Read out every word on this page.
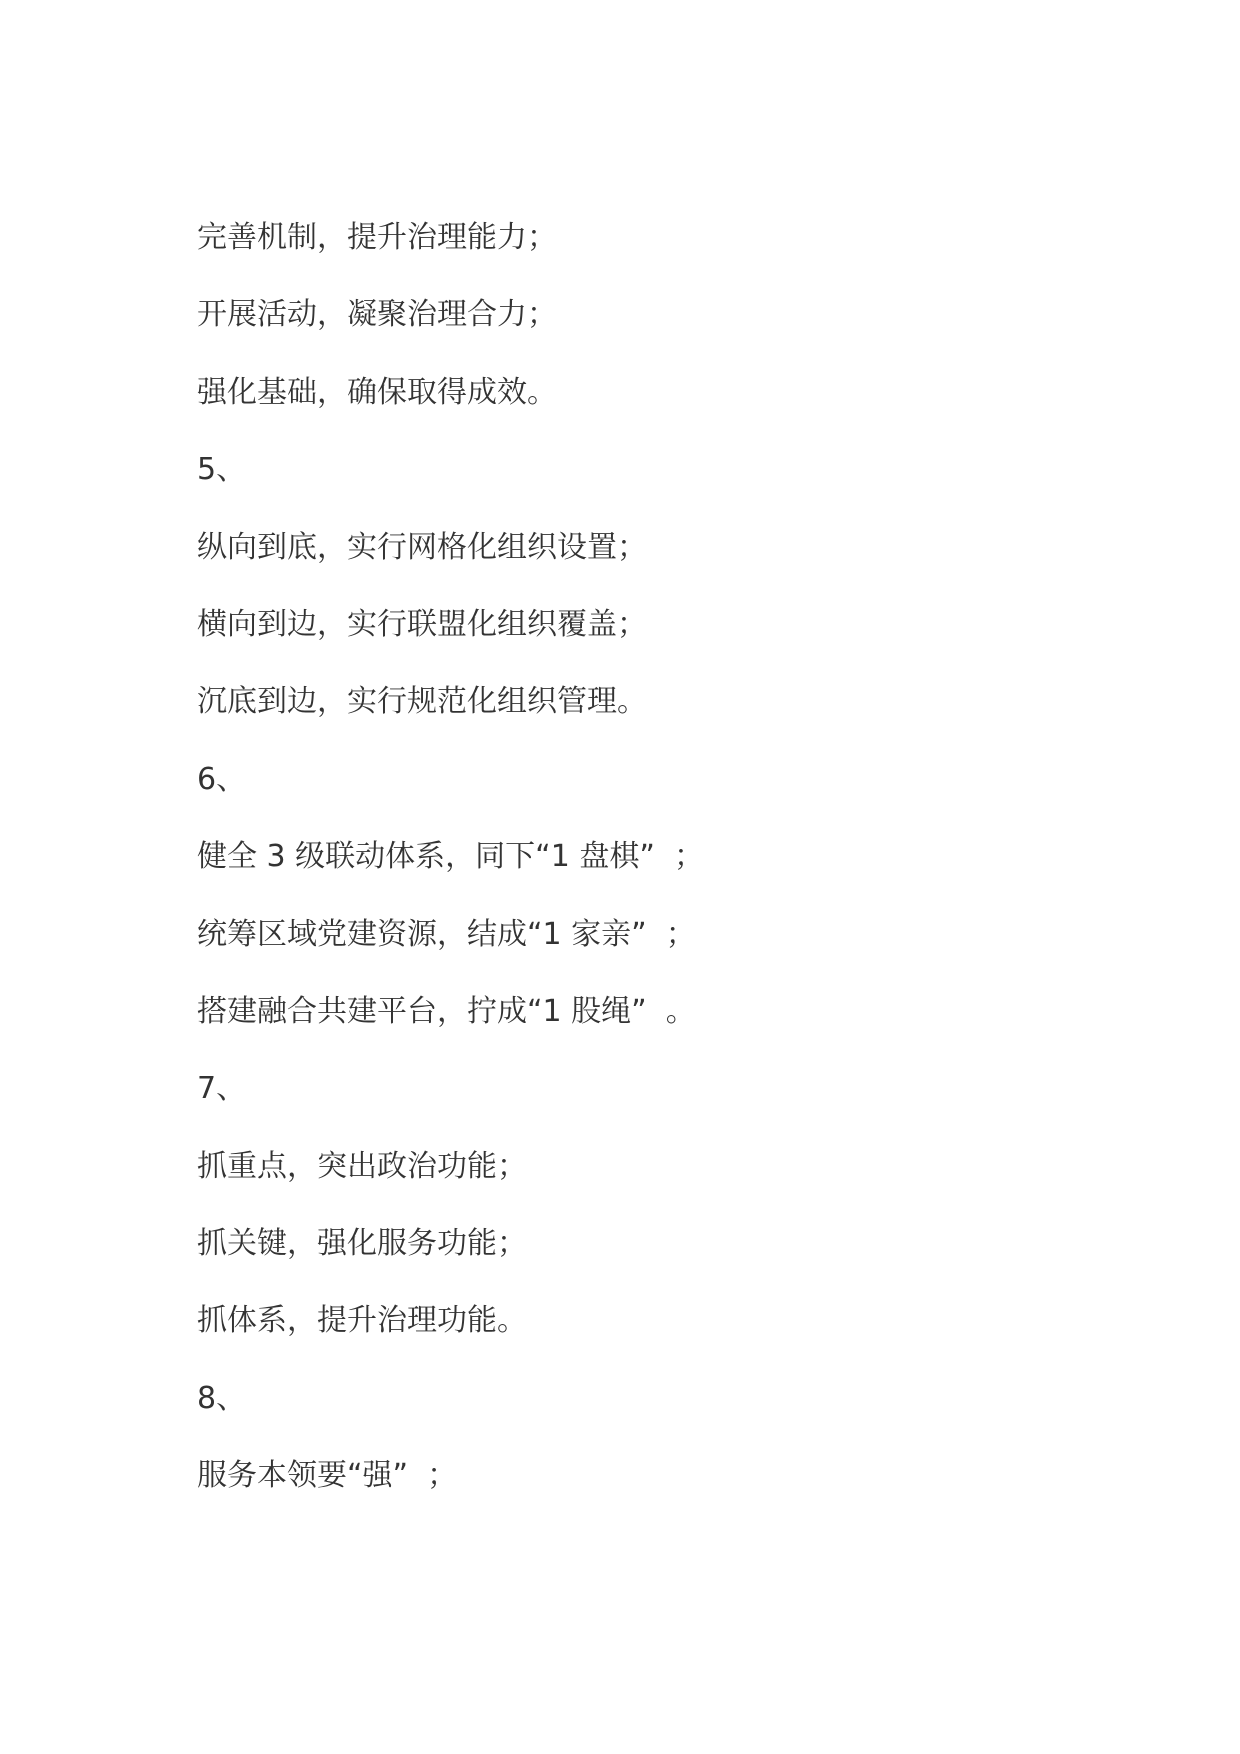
完善机制，提升治理能力；

开展活动，凝聚治理合力；

强化基础，确保取得成效。

5、

纵向到底，实行网格化组织设置；

横向到边，实行联盟化组织覆盖；

沉底到边，实行规范化组织管理。

6、

健全 3 级联动体系，同下“1 盘棋”  ；

统筹区域党建资源，结成“1 家亲”  ；

搭建融合共建平台，拧成“1 股绳”  。

7、

抓重点，突出政治功能；

抓关键，强化服务功能；

抓体系，提升治理功能。

8、

服务本领要“强”  ；
